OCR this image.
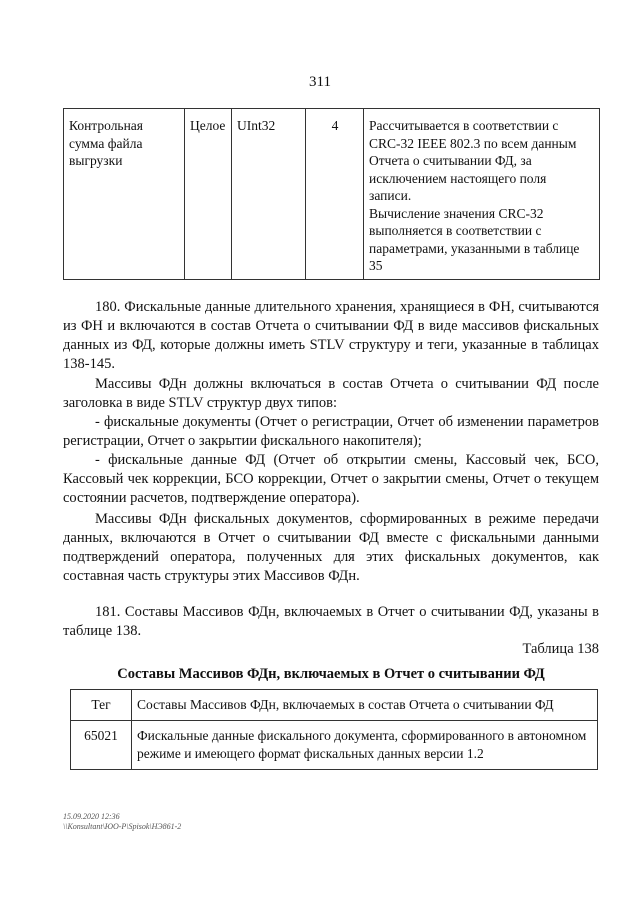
311
Контрольная
сумма файла
выгрузки
	Целое	UInt32	4	Рассчитывается в соответствии с
CRC-32 IEEE 802.3 по всем данным
Отчета о считывании ФД, за
исключением настоящего поля
записи.
Вычисление значения CRC-32
выполняется в соответствии с
параметрами, указанными в таблице
35

180. Фискальные данные длительного хранения, хранящиеся в ФН, считываются из ФН и включаются в состав Отчета о считывании ФД в виде массивов фискальных данных из ФД, которые должны иметь STLV структуру и теги, указанные в таблицах 138-145.

Массивы ФДн должны включаться в состав Отчета о считывании ФД после заголовка в виде STLV структур двух типов:

- фискальные документы (Отчет о регистрации, Отчет об изменении параметров регистрации, Отчет о закрытии фискального накопителя);

- фискальные данные ФД (Отчет об открытии смены, Кассовый чек, БСО, Кассовый чек коррекции, БСО коррекции, Отчет о закрытии смены, Отчет о текущем состоянии расчетов, подтверждение оператора).

Массивы ФДн фискальных документов, сформированных в режиме передачи данных, включаются в Отчет о считывании ФД вместе с фискальными данными подтверждений оператора, полученных для этих фискальных документов, как составная часть структуры этих Массивов ФДн.

181. Составы Массивов ФДн, включаемых в Отчет о считывании ФД, указаны в таблице 138.

Таблица 138
Составы Массивов ФДн, включаемых в Отчет о считывании ФД
Тег	Составы Массивов ФДн, включаемых в состав Отчета о считывании ФД
65021	Фискальные данные фискального документа, сформированного в автономном режиме и имеющего формат фискальных данных версии 1.2
15.09.2020 12:36
\\Konsultant\ЮО-Р\Spisok\НЭ861-2
